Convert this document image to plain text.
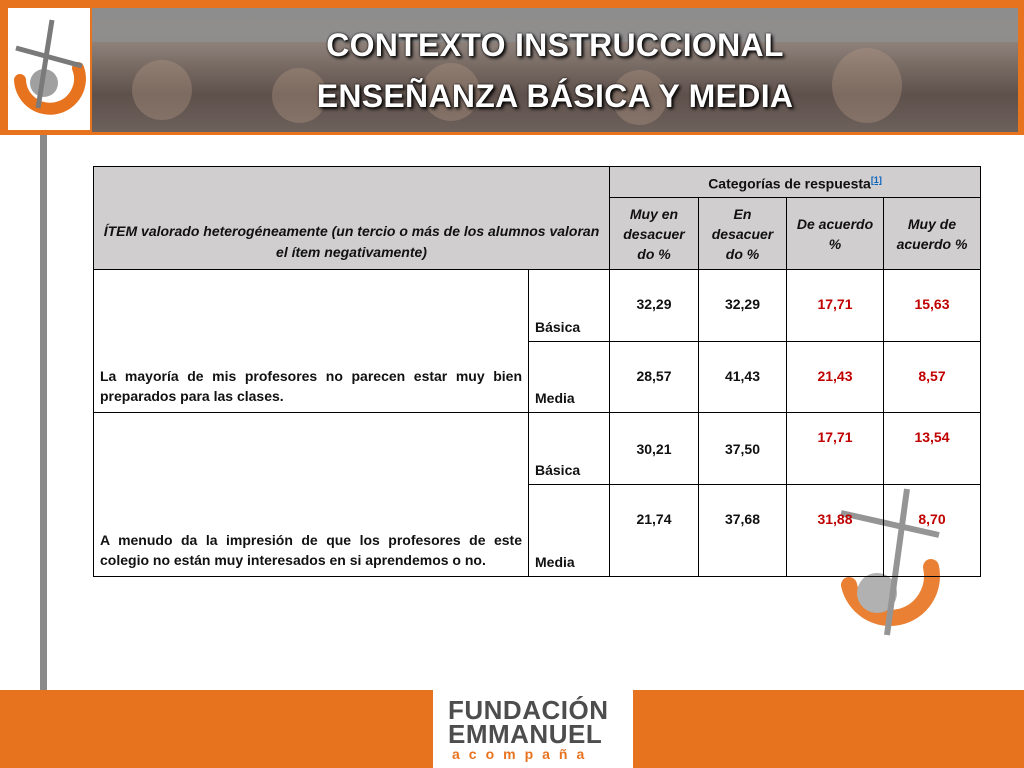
CONTEXTO INSTRUCCIONAL
ENSEÑANZA BÁSICA Y MEDIA
ÍTEM valorado heterogéneamente (un tercio o más de los alumnos valoran el ítem negativamente)		Categorías de respuesta[1]
		Muy en desacuer do %	En desacuer do %	De acuerdo %	Muy de acuerdo %
La mayoría de mis profesores no parecen estar muy bien preparados para las clases.	Básica	32,29	32,29	17,71	15,63
	Media	28,57	41,43	21,43	8,57
A menudo da la impresión de que los profesores de este colegio no están muy interesados en si aprendemos o no.	Básica	30,21	37,50	17,71	13,54
	Media	21,74	37,68	31,88	8,70
FUNDACIÓN
EMMANUEL
acompaña
